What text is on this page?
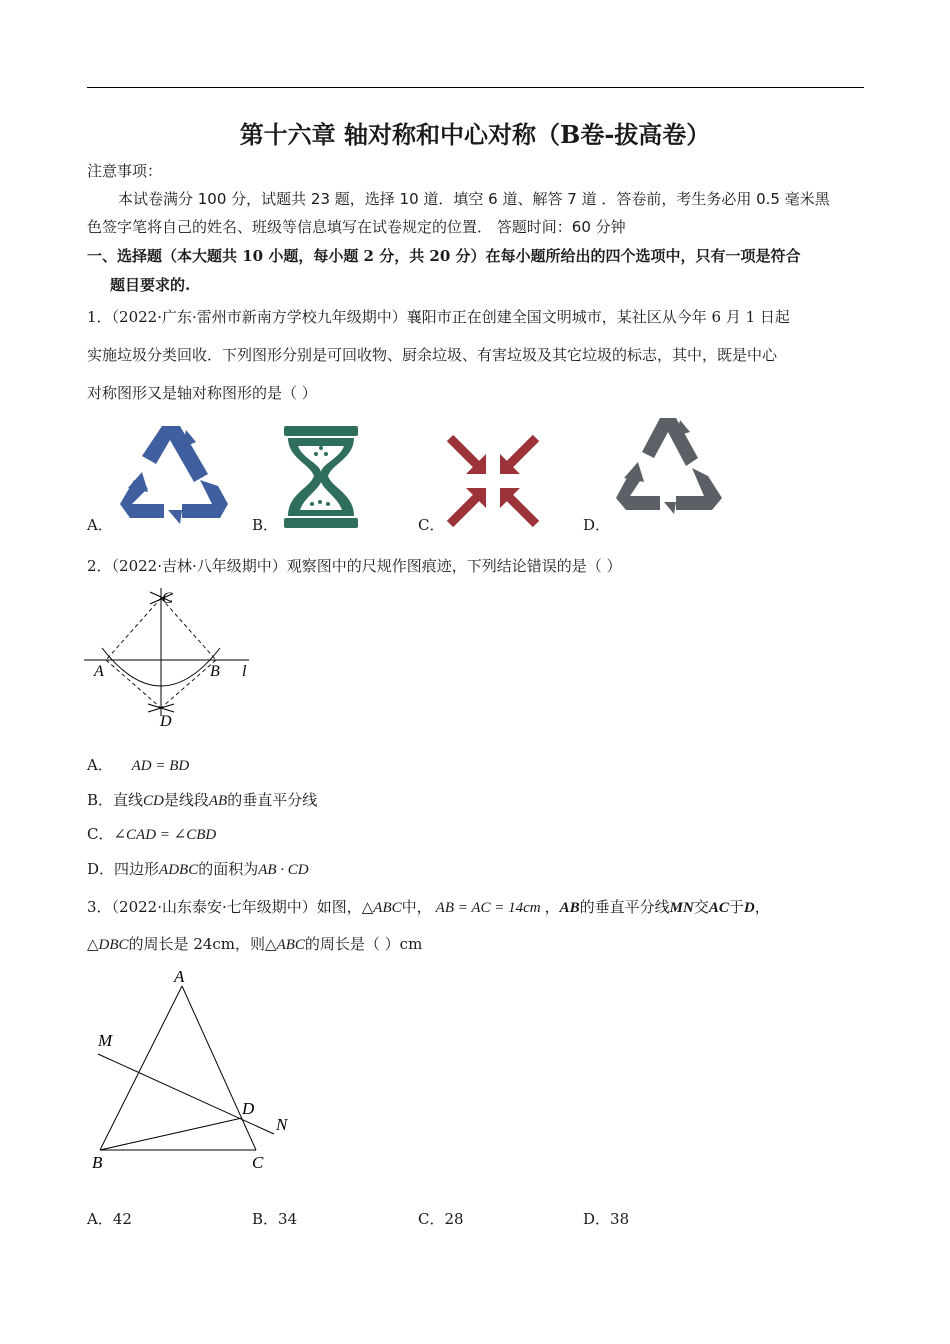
第十六章 轴对称和中心对称（B卷-拔高卷）
注意事项：
本试卷满分 100 分，试题共 23 题，选择 10 道．填空 6 道、解答 7 道 ．答卷前，考生务必用 0.5 毫米黑
色签字笔将自己的姓名、班级等信息填写在试卷规定的位置． 答题时间：60 分钟
一、选择题（本大题共 10 小题，每小题 2 分，共 20 分）在每小题所给出的四个选项中，只有一项是符合
题目要求的.
1．（2022·广东·雷州市新南方学校九年级期中）襄阳市正在创建全国文明城市，某社区从今年 6 月 1 日起
实施垃圾分类回收．下列图形分别是可回收物、厨余垃圾、有害垃圾及其它垃圾的标志，其中，既是中心
对称图形又是轴对称图形的是（ ）
A．	B．	C．	D．
2．（2022·吉林·八年级期中）观察图中的尺规作图痕迹，下列结论错误的是（ ）
C
A	B l
D
A． AD = BD
B．直线CD是线段AB的垂直平分线
C．∠CAD = ∠CBD
D．四边形ADBC的面积为AB · CD
3．（2022·山东泰安·七年级期中）如图，△ABC中， AB = AC = 14cm ，AB的垂直平分线MN交AC于D，
△DBC的周长是 24cm，则△ABC的周长是（ ）cm
A
M
D
N
B	C
A．42	B．34	C．28	D．38
